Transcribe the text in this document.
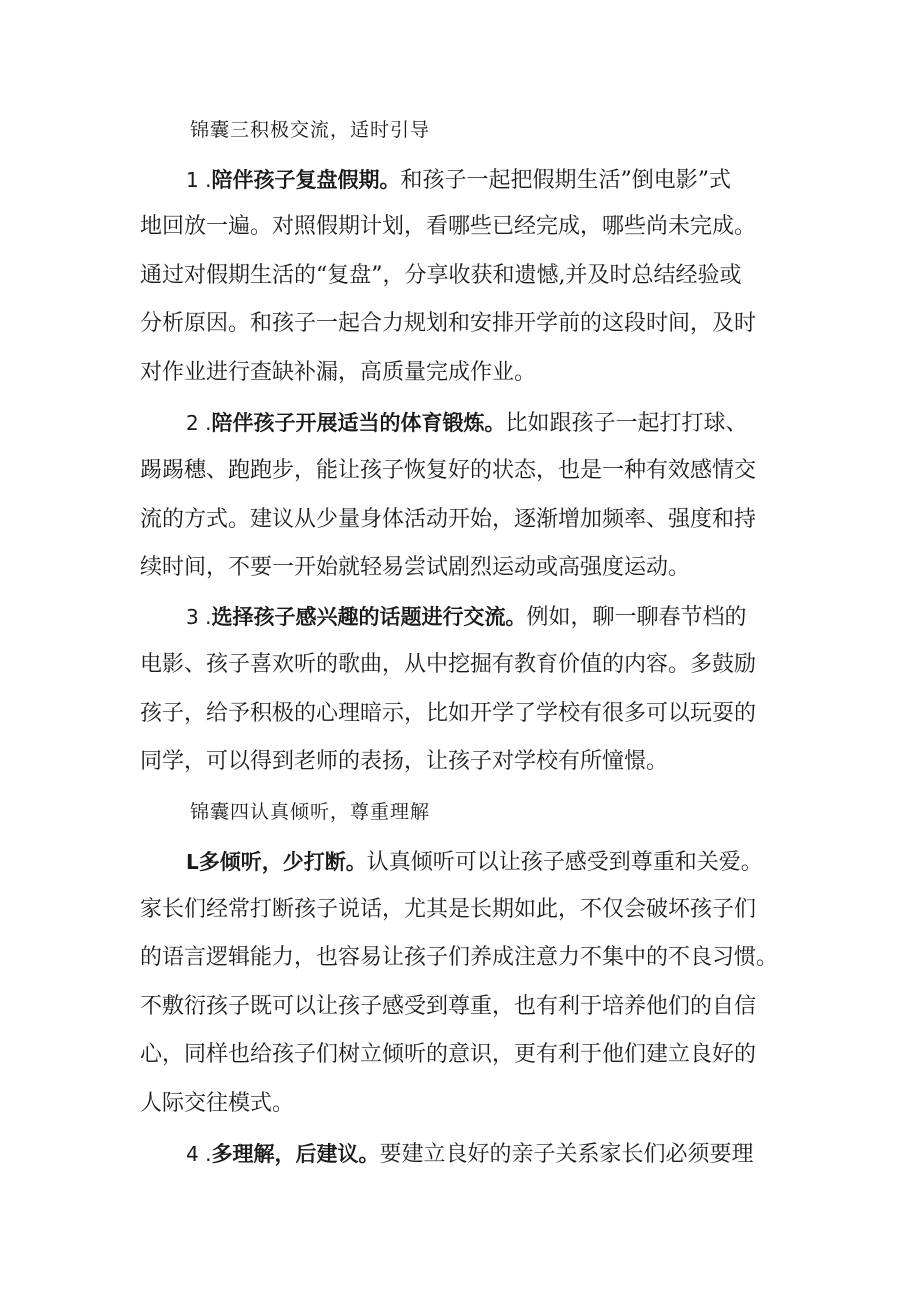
锦囊三积极交流，适时引导
1 .陪伴孩子复盘假期。和孩子一起把假期生活”倒电影”式
地回放一遍。对照假期计划，看哪些已经完成，哪些尚未完成。
通过对假期生活的“复盘”，分享收获和遗憾,并及时总结经验或
分析原因。和孩子一起合力规划和安排开学前的这段时间，及时
对作业进行查缺补漏，高质量完成作业。
2 .陪伴孩子开展适当的体育锻炼。比如跟孩子一起打打球、
踢踢穗、跑跑步，能让孩子恢复好的状态，也是一种有效感情交
流的方式。建议从少量身体活动开始，逐渐增加频率、强度和持
续时间，不要一开始就轻易尝试剧烈运动或高强度运动。
3 .选择孩子感兴趣的话题进行交流。例如，聊一聊春节档的
电影、孩子喜欢听的歌曲，从中挖掘有教育价值的内容。多鼓励
孩子，给予积极的心理暗示，比如开学了学校有很多可以玩耍的
同学，可以得到老师的表扬，让孩子对学校有所憧憬。
锦囊四认真倾听，尊重理解
L多倾听，少打断。认真倾听可以让孩子感受到尊重和关爱。
家长们经常打断孩子说话，尤其是长期如此，不仅会破坏孩子们
的语言逻辑能力，也容易让孩子们养成注意力不集中的不良习惯。
不敷衍孩子既可以让孩子感受到尊重，也有利于培养他们的自信
心，同样也给孩子们树立倾听的意识，更有利于他们建立良好的
人际交往模式。
4 .多理解，后建议。要建立良好的亲子关系家长们必须要理
